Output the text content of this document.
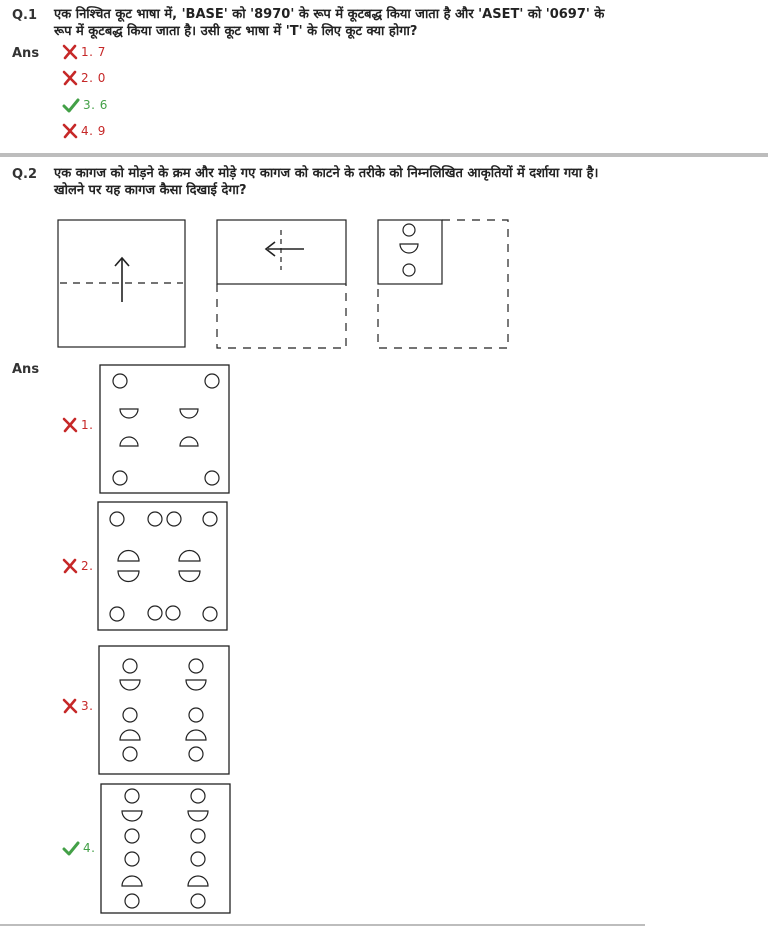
Q.1 एक निश्चित कूट भाषा में, 'BASE' को '8970' के रूप में कूटबद्ध किया जाता है और 'ASET' को '0697' के रूप में कूटबद्ध किया जाता है। उसी कूट भाषा में 'T' के लिए कूट क्या होगा?
Ans	1. 7
2. 0
3. 6
4. 9
Q.2 एक कागज को मोड़ने के क्रम और मोड़े गए कागज को काटने के तरीके को निम्नलिखित आकृतियों में दर्शाया गया है। खोलने पर यह कागज कैसा दिखाई देगा?
Ans
1.
2.
3.
4.
